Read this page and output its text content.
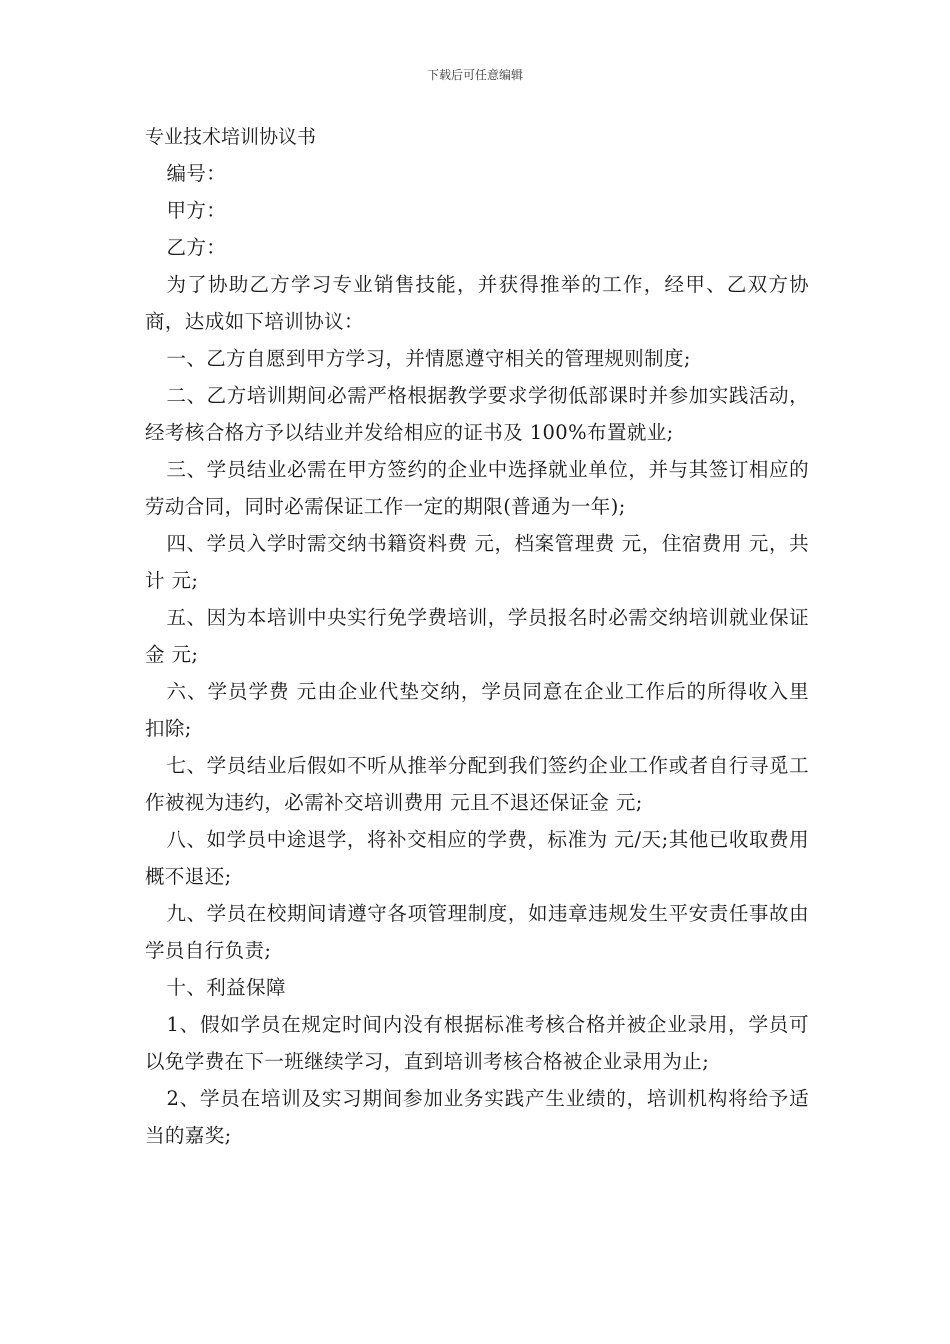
下载后可任意编辑
专业技术培训协议书

编号：

甲方：

乙方：

为了协助乙方学习专业销售技能，并获得推举的工作，经甲、乙双方协商，达成如下培训协议：

一、乙方自愿到甲方学习，并情愿遵守相关的管理规则制度;

二、乙方培训期间必需严格根据教学要求学彻低部课时并参加实践活动，经考核合格方予以结业并发给相应的证书及 100%布置就业;

三、学员结业必需在甲方签约的企业中选择就业单位，并与其签订相应的劳动合同，同时必需保证工作一定的期限(普通为一年);

四、学员入学时需交纳书籍资料费 元，档案管理费 元，住宿费用 元，共计 元;

五、因为本培训中央实行免学费培训，学员报名时必需交纳培训就业保证金 元;

六、学员学费 元由企业代垫交纳，学员同意在企业工作后的所得收入里扣除;

七、学员结业后假如不听从推举分配到我们签约企业工作或者自行寻觅工作被视为违约，必需补交培训费用 元且不退还保证金 元;

八、如学员中途退学，将补交相应的学费，标准为 元/天;其他已收取费用概不退还;

九、学员在校期间请遵守各项管理制度，如违章违规发生平安责任事故由学员自行负责;

十、利益保障

1、假如学员在规定时间内没有根据标准考核合格并被企业录用，学员可以免学费在下一班继续学习，直到培训考核合格被企业录用为止;

2、学员在培训及实习期间参加业务实践产生业绩的，培训机构将给予适当的嘉奖;
